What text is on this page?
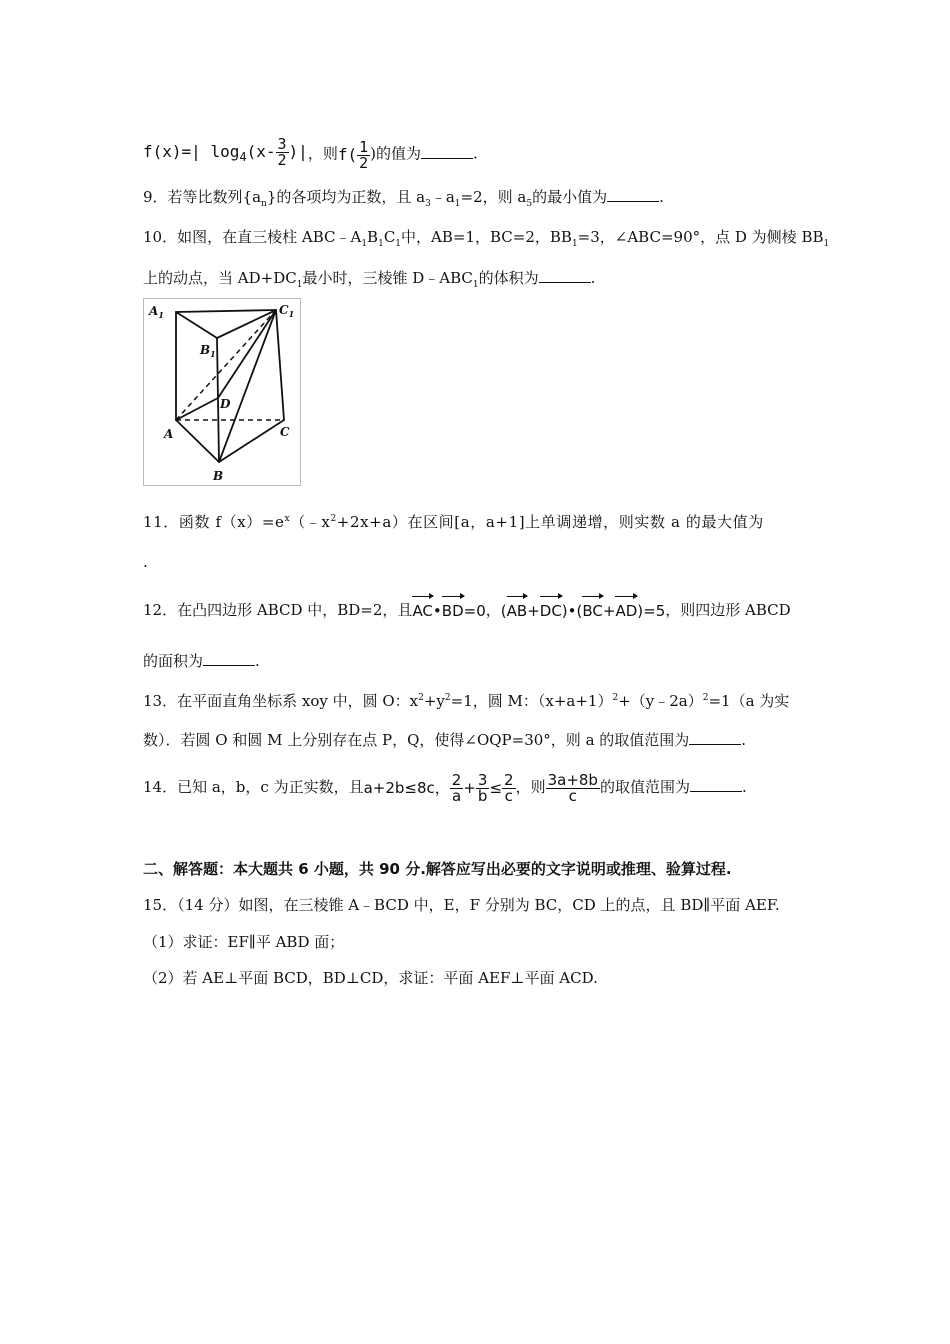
f(x)=| $\log_4(x- \frac{3}{2}$ )|，则$f( \frac{1}{2}$ )的值为	.
9．若等比数列$\{a_n\}$的各项均为正数，且 $a_3﹣a_1=2$，则 $a_5$的最小值为	.
10．如图，在直三棱柱 $ABC﹣A_1B_1C_1$中，AB=1，BC=2，$BB_1=3$，∠ABC=90°，点 D 为侧棱 $BB_1$
上的动点，当 $AD+DC_1$最小时，三棱锥 $D﹣ABC_1$的体积为	.
$A_1$	$C_1$
$B_1$
D
A	C
B
11．函数 $f(x)=e^x(﹣x^2+2x+a)$在区间[a，a+1]上单调递增，则实数 a 的最大值为
.
12．在凸四边形 ABCD 中，BD=2，且AC•BD=0，(AB+DC)•(BC+AD)=5，则四边形 ABCD
的面积为	.
13．在平面直角坐标系 xoy 中，圆 O：$x^2+y^2=1$，圆 M：$(x+a+1)^2+(y﹣2a)^2=1(a$ 为实
数）．若圆 O 和圆 M 上分别存在点 P，Q，使得∠OQP=30°，则 a 的取值范围为	.
14．已知 a，b，c 为正实数，且a+2b≤8c， $\frac{2}{a} + \frac{3}{b} \le \frac{2}{c}$ ，则 $\frac{3a+8b}{c}$ 的取值范围为	.
二、解答题：本大题共 6 小题，共 90 分.解答应写出必要的文字说明或推理、验算过程.
15．（14 分）如图，在三棱锥 A﹣BCD 中，E，F 分别为 BC，CD 上的点，且 BD∥平面 AEF.
（1）求证：EF∥平 ABD 面；
（2）若 AE⊥平面 BCD，BD⊥CD，求证：平面 AEF⊥平面 ACD.
